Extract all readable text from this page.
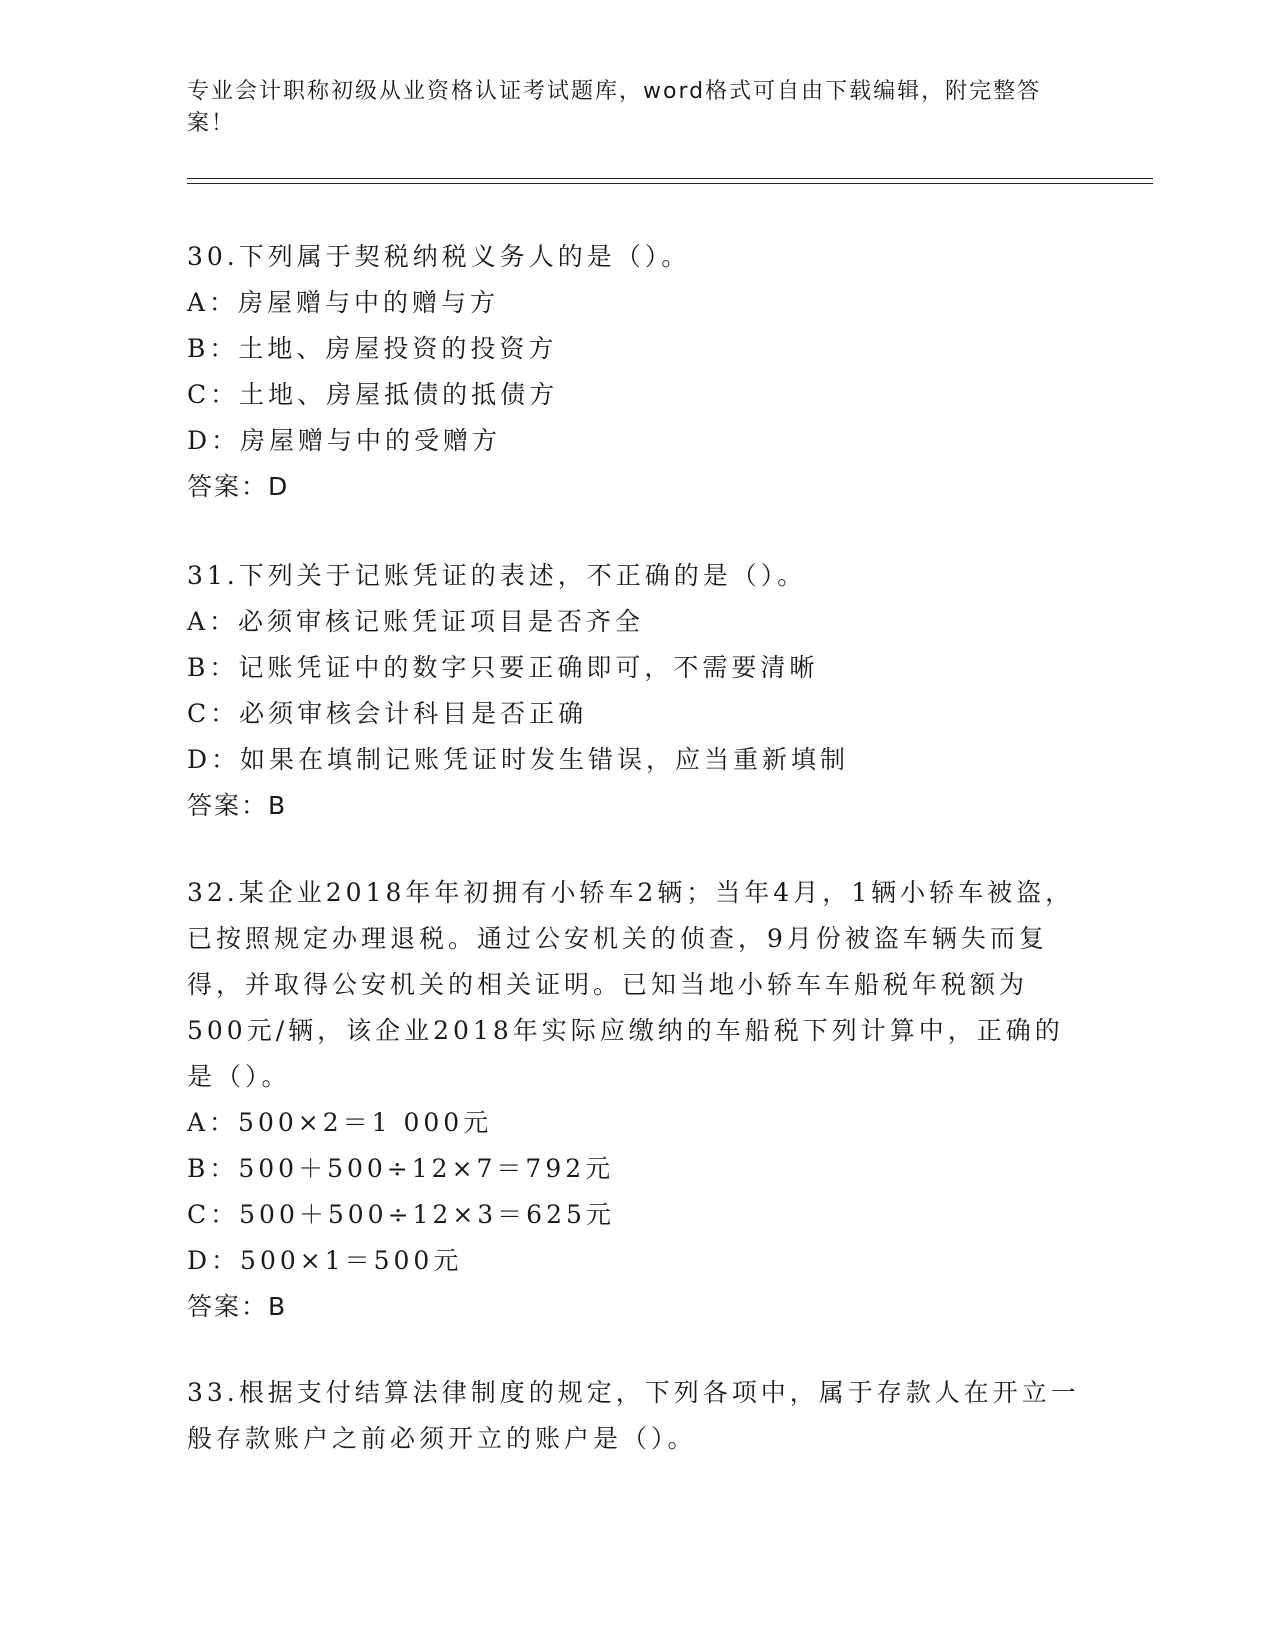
专业会计职称初级从业资格认证考试题库，word格式可自由下载编辑，附完整答案！

30.下列属于契税纳税义务人的是（）。

A：房屋赠与中的赠与方

B：土地、房屋投资的投资方

C：土地、房屋抵债的抵债方

D：房屋赠与中的受赠方

答案：D

31.下列关于记账凭证的表述，不正确的是（）。

A：必须审核记账凭证项目是否齐全

B：记账凭证中的数字只要正确即可，不需要清晰

C：必须审核会计科目是否正确

D：如果在填制记账凭证时发生错误，应当重新填制

答案：B

32.某企业2018年年初拥有小轿车2辆；当年4月，1辆小轿车被盗，已按照规定办理退税。通过公安机关的侦查，9月份被盗车辆失而复得，并取得公安机关的相关证明。已知当地小轿车车船税年税额为500元/辆，该企业2018年实际应缴纳的车船税下列计算中，正确的是（）。

A：500×2＝1 000元

B：500＋500÷12×7＝792元

C：500＋500÷12×3＝625元

D：500×1＝500元

答案：B

33.根据支付结算法律制度的规定，下列各项中，属于存款人在开立一般存款账户之前必须开立的账户是（）。
